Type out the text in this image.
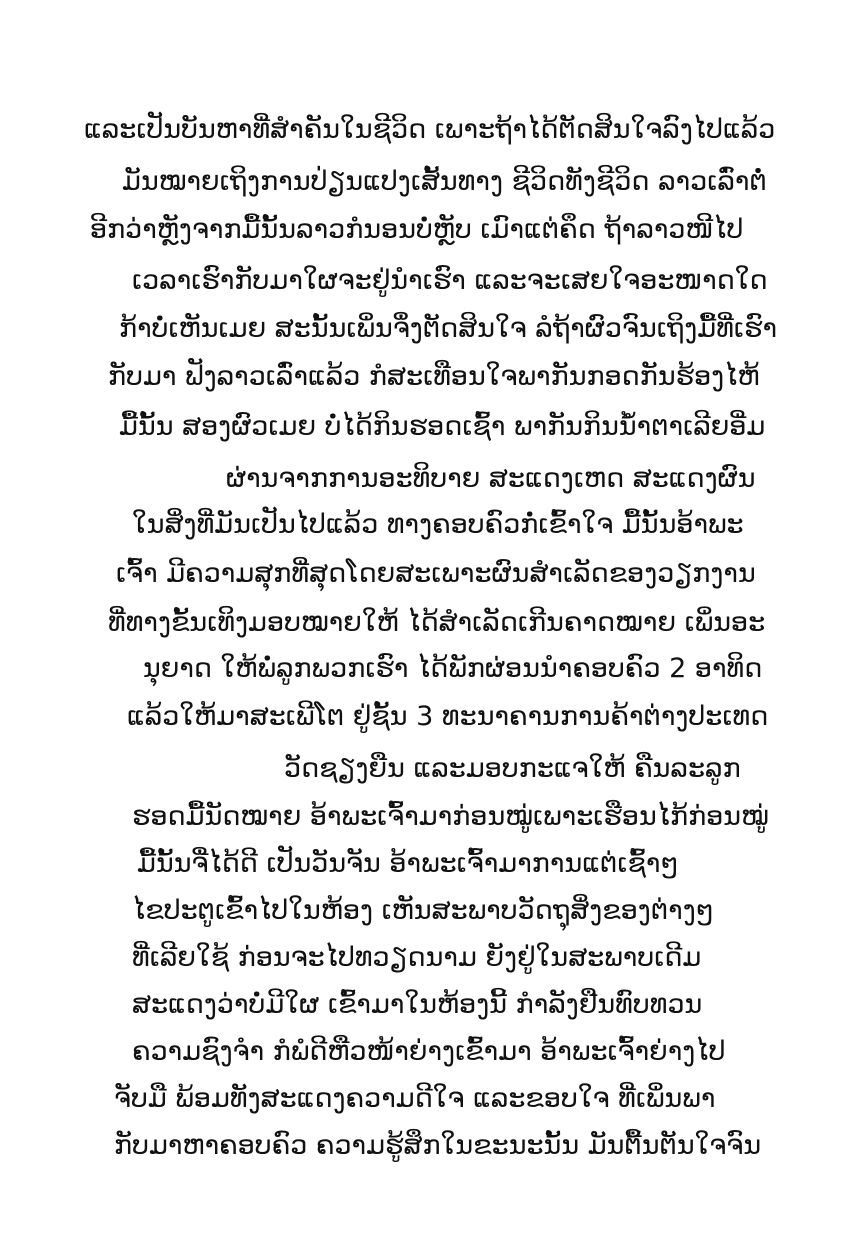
ແລະເປັນບັນຫາທີ່ສຳຄັນໃນຊີວິດ ເພາະຖ້າໄດ້ຕັດສິນໃຈລົງໄປແລ້ວ
ມັນໝາຍເຖິງການປ່ຽນແປງເສັ້ນທາງ ຊີວິດທັງຊີວິດ ລາວເລົ່າຕໍ່
ອີກວ່າຫຼັງຈາກມື້ນັ້ນລາວກໍນອນບໍ່ຫຼັບ ເມົາແຕ່ຄຶດ ຖ້າລາວໜີໄປ
ເວລາເຮົາກັບມາໃຜຈະຢູ່ນຳເຮົາ ແລະຈະເສຍໃຈອະໜາດໃດ
ກ້າບໍ່ເຫັນເມຍ ສະນັ້ນເພິ່ນຈຶ່ງຕັດສິນໃຈ ລໍຖ້າຜົວຈົນເຖິງມື້ທີ່ເຮົາ
ກັບມາ ຟັງລາວເລົ່າແລ້ວ ກໍສະເທືອນໃຈພາກັນກອດກັນຮ້ອງໄຫ້
ມື້ນັ້ນ ສອງຜົວເມຍ ບໍ່ໄດ້ກິນຮອດເຊົ້າ ພາກັນກິນນ້ຳຕາເລີຍອີ່ມ
ຜ່ານຈາກການອະທິບາຍ ສະແດງເຫດ ສະແດງຜົນ
ໃນສິ່ງທີ່ມັນເປັນໄປແລ້ວ ທາງຄອບຄົວກໍ່ເຂົ້າໃຈ ມື້ນັ້ນອ້າພະ
ເຈົ້າ ມີຄວາມສຸກທີ່ສຸດໂດຍສະເພາະຜົນສຳເລັດຂອງວຽກງານ
ທີ່ທາງຂັ້ນເທິງມອບໝາຍໃຫ້ ໄດ້ສຳເລັດເກີນຄາດໝາຍ ເພິ່ນອະ
ນຸຍາດ ໃຫ້ພໍ່ລູກພວກເຮົາ ໄດ້ພັກຜ່ອນນຳຄອບຄົວ 2 ອາທິດ
ແລ້ວໃຫ້ມາສະເພີໂຕ ຢູ່ຊັ້ນ 3 ທະນາຄານການຄ້າຕ່າງປະເທດ
ວັດຊຽງຍືນ ແລະມອບກະແຈໃຫ້ ຄືນລະລູກ
ຮອດມື້ນັດໝາຍ ອ້າພະເຈົ້າມາກ່ອນໝູ່ເພາະເຮືອນໄກ້ກ່ອນໝູ່
ມື້ນັ້ນຈື່ໄດ້ດີ ເປັນວັນຈັນ ອ້າພະເຈົ້າມາການແຕ່ເຊົ້າໆ
ໄຂປະຕູເຂົ້າໄປໃນຫ້ອງ ເຫັນສະພາບວັດຖຸສິ່ງຂອງຕ່າງໆ
ທີ່ເລີຍໃຊ້ ກ່ອນຈະໄປທວຽດນາມ ຍັງຢູ່ໃນສະພາບເດີມ
ສະແດງວ່າບໍ່ມີໃຜ ເຂົ້າມາໃນຫ້ອງນີ້ ກຳລັງຢືນທົບທວນ
ຄວາມຊົງຈຳ ກໍພໍດີຫືວໜ້າຍ່າງເຂົ້າມາ ອ້າພະເຈົ້າຍ່າງໄປ
ຈັບມື ພ້ອມທັງສະແດງຄວາມດີໃຈ ແລະຂອບໃຈ ທີ່ເພິ່ນພາ
ກັບມາຫາຄອບຄົວ ຄວາມຮູ້ສຶກໃນຂະນະນັ້ນ ມັນຕື້ນຕັນໃຈຈົນ
